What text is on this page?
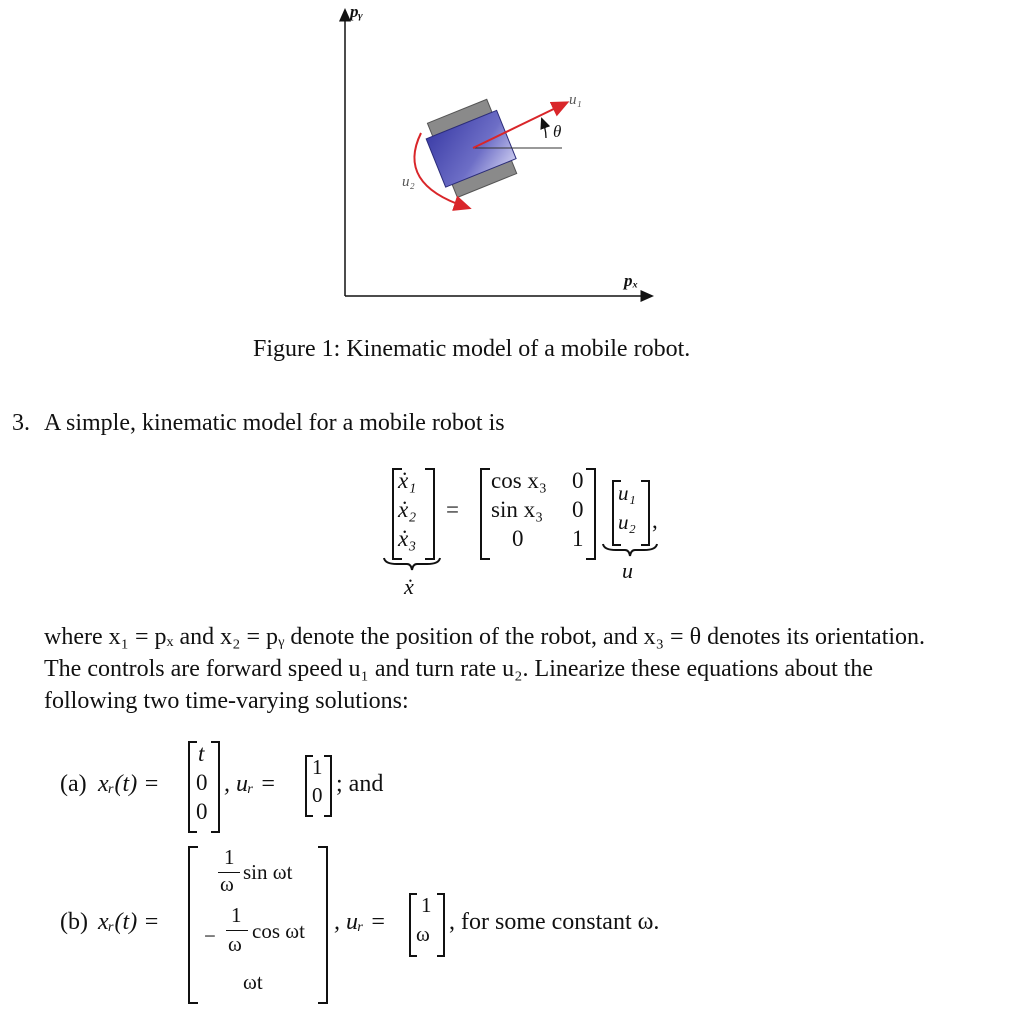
pᵧ
pₓ
u₁
u₂
θ
Figure 1: Kinematic model of a mobile robot.
3. A simple, kinematic model for a mobile robot is
ẋ₁
ẋ₂
ẋ₃
ẋ
=
cos x₃ 0
sin x₃ 0
0 1
u₁
u₂ ,
u
where x₁ = pₓ and x₂ = pᵧ denote the position of the robot, and x₃ = θ denotes its orientation.
The controls are forward speed u₁ and turn rate u₂. Linearize these equations about the
following two time-varying solutions:
(a) xᵣ(t) =
t
0
0
, uᵣ =
1
0 ; and
(b) xᵣ(t) =
1
ω sin ωt
−
1
ω
cos ωt
ωt
, uᵣ =
1
ω , for some constant ω.
